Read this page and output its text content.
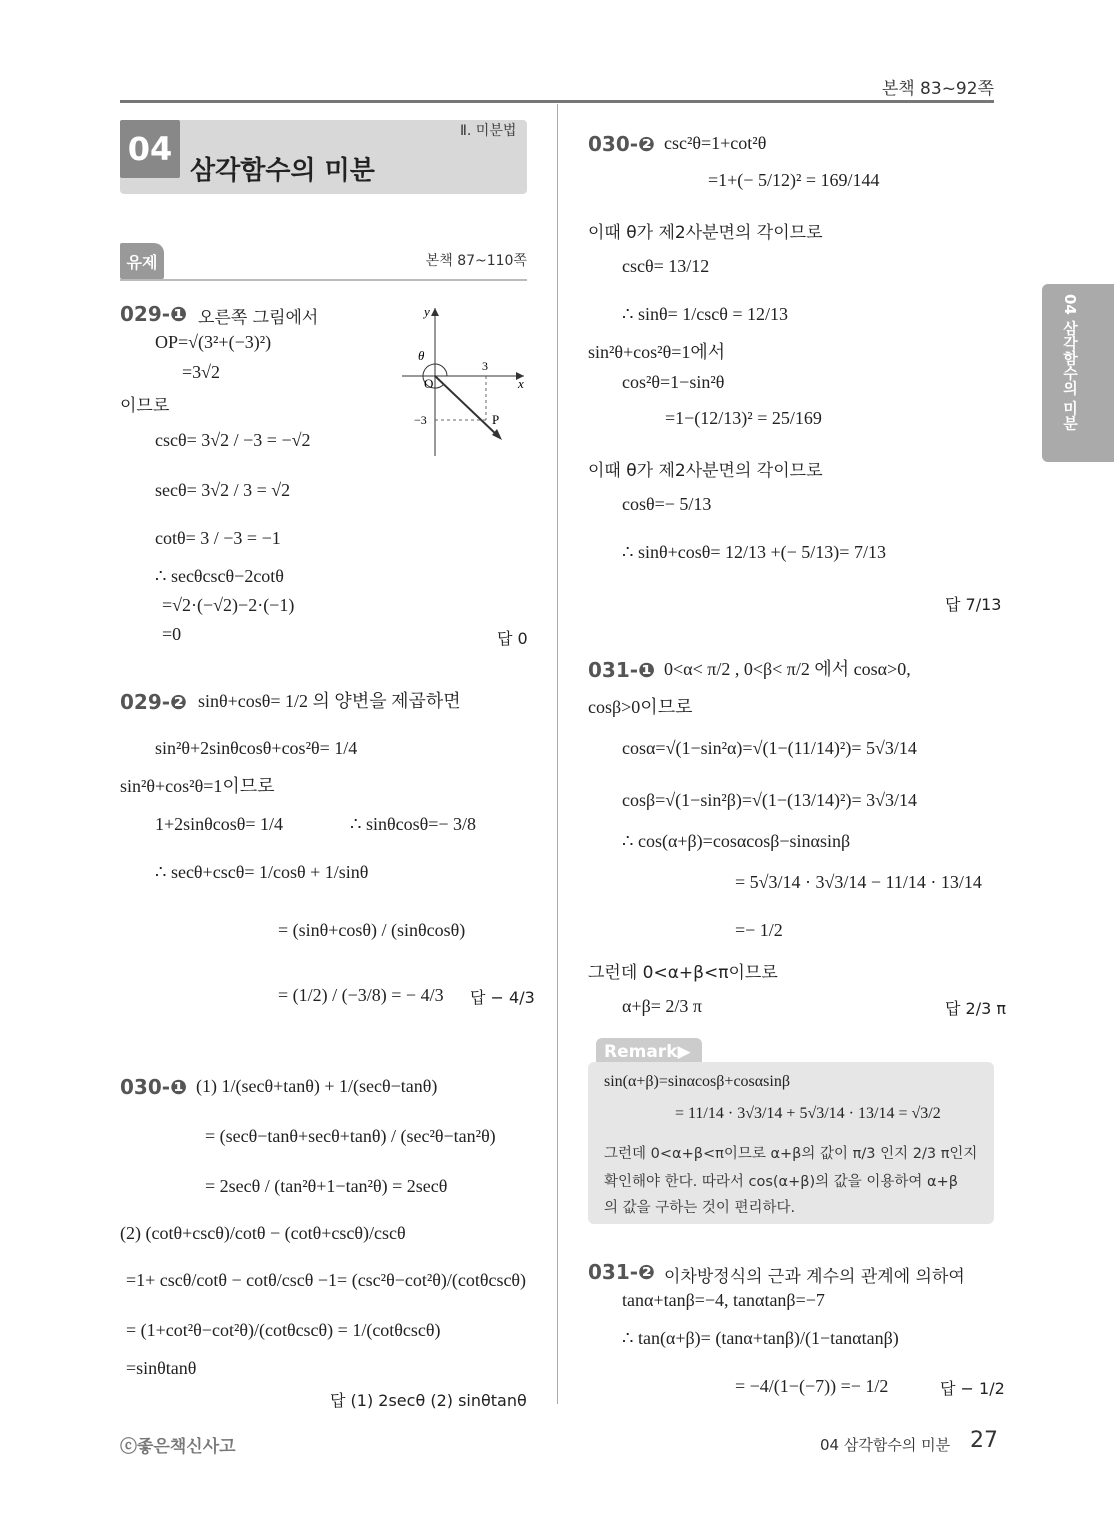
본책 83~92쪽
04	Ⅱ. 미분법
삼각함수의 미분
유제	본책 87~110쪽
04 삼각함수의 미분
029-❶ 오른쪽 그림에서
OP=√(3²+(−3)²)
=3√2
이므로
cscθ= 3√2 / −3 = −√2
secθ= 3√2 / 3 = √2
cotθ= 3 / −3 = −1
∴ secθcscθ−2cotθ
=√2·(−√2)−2·(−1)
=0	답 0
y
x
θ
O
P
3
−3
029-❷ sinθ+cosθ= 1/2 의 양변을 제곱하면
sin²θ+2sinθcosθ+cos²θ= 1/4
sin²θ+cos²θ=1이므로
1+2sinθcosθ= 1/4	∴ sinθcosθ=− 3/8
∴ secθ+cscθ= 1/cosθ + 1/sinθ
= (sinθ+cosθ) / (sinθcosθ)
= (1/2) / (−3/8) = − 4/3 답 − 4/3
030-❶ (1) 1/(secθ+tanθ) + 1/(secθ−tanθ)
= (secθ−tanθ+secθ+tanθ) / (sec²θ−tan²θ)
= 2secθ / (tan²θ+1−tan²θ) = 2secθ
(2) (cotθ+cscθ)/cotθ − (cotθ+cscθ)/cscθ
=1+ cscθ/cotθ − cotθ/cscθ −1= (csc²θ−cot²θ)/(cotθcscθ)
= (1+cot²θ−cot²θ)/(cotθcscθ) = 1/(cotθcscθ)
=sinθtanθ
답 (1) 2secθ (2) sinθtanθ
030-❷ csc²θ=1+cot²θ
=1+(− 5/12)² = 169/144
이때 θ가 제2사분면의 각이므로
cscθ= 13/12
∴ sinθ= 1/cscθ = 12/13
sin²θ+cos²θ=1에서
cos²θ=1−sin²θ
=1−(12/13)² = 25/169
이때 θ가 제2사분면의 각이므로
cosθ=− 5/13
∴ sinθ+cosθ= 12/13 +(− 5/13)= 7/13
답 7/13
031-❶ 0<α< π/2 , 0<β< π/2 에서 cosα>0,
cosβ>0이므로
cosα=√(1−sin²α)=√(1−(11/14)²)= 5√3/14
cosβ=√(1−sin²β)=√(1−(13/14)²)= 3√3/14
∴ cos(α+β)=cosαcosβ−sinαsinβ
= 5√3/14 · 3√3/14 − 11/14 · 13/14
=− 1/2
그런데 0<α+β<π이므로
α+β= 2/3 π	답 2/3 π
Remark▶
sin(α+β)=sinαcosβ+cosαsinβ
= 11/14 · 3√3/14 + 5√3/14 · 13/14 = √3/2
그런데 0<α+β<π이므로 α+β의 값이 π/3 인지 2/3 π인지
확인해야 한다. 따라서 cos(α+β)의 값을 이용하여 α+β
의 값을 구하는 것이 편리하다.
031-❷ 이차방정식의 근과 계수의 관계에 의하여
tanα+tanβ=−4, tanαtanβ=−7
∴ tan(α+β)= (tanα+tanβ)/(1−tanαtanβ)
= −4/(1−(−7)) =− 1/2	답 − 1/2
ⓒ좋은책신사고	04 삼각함수의 미분 27
